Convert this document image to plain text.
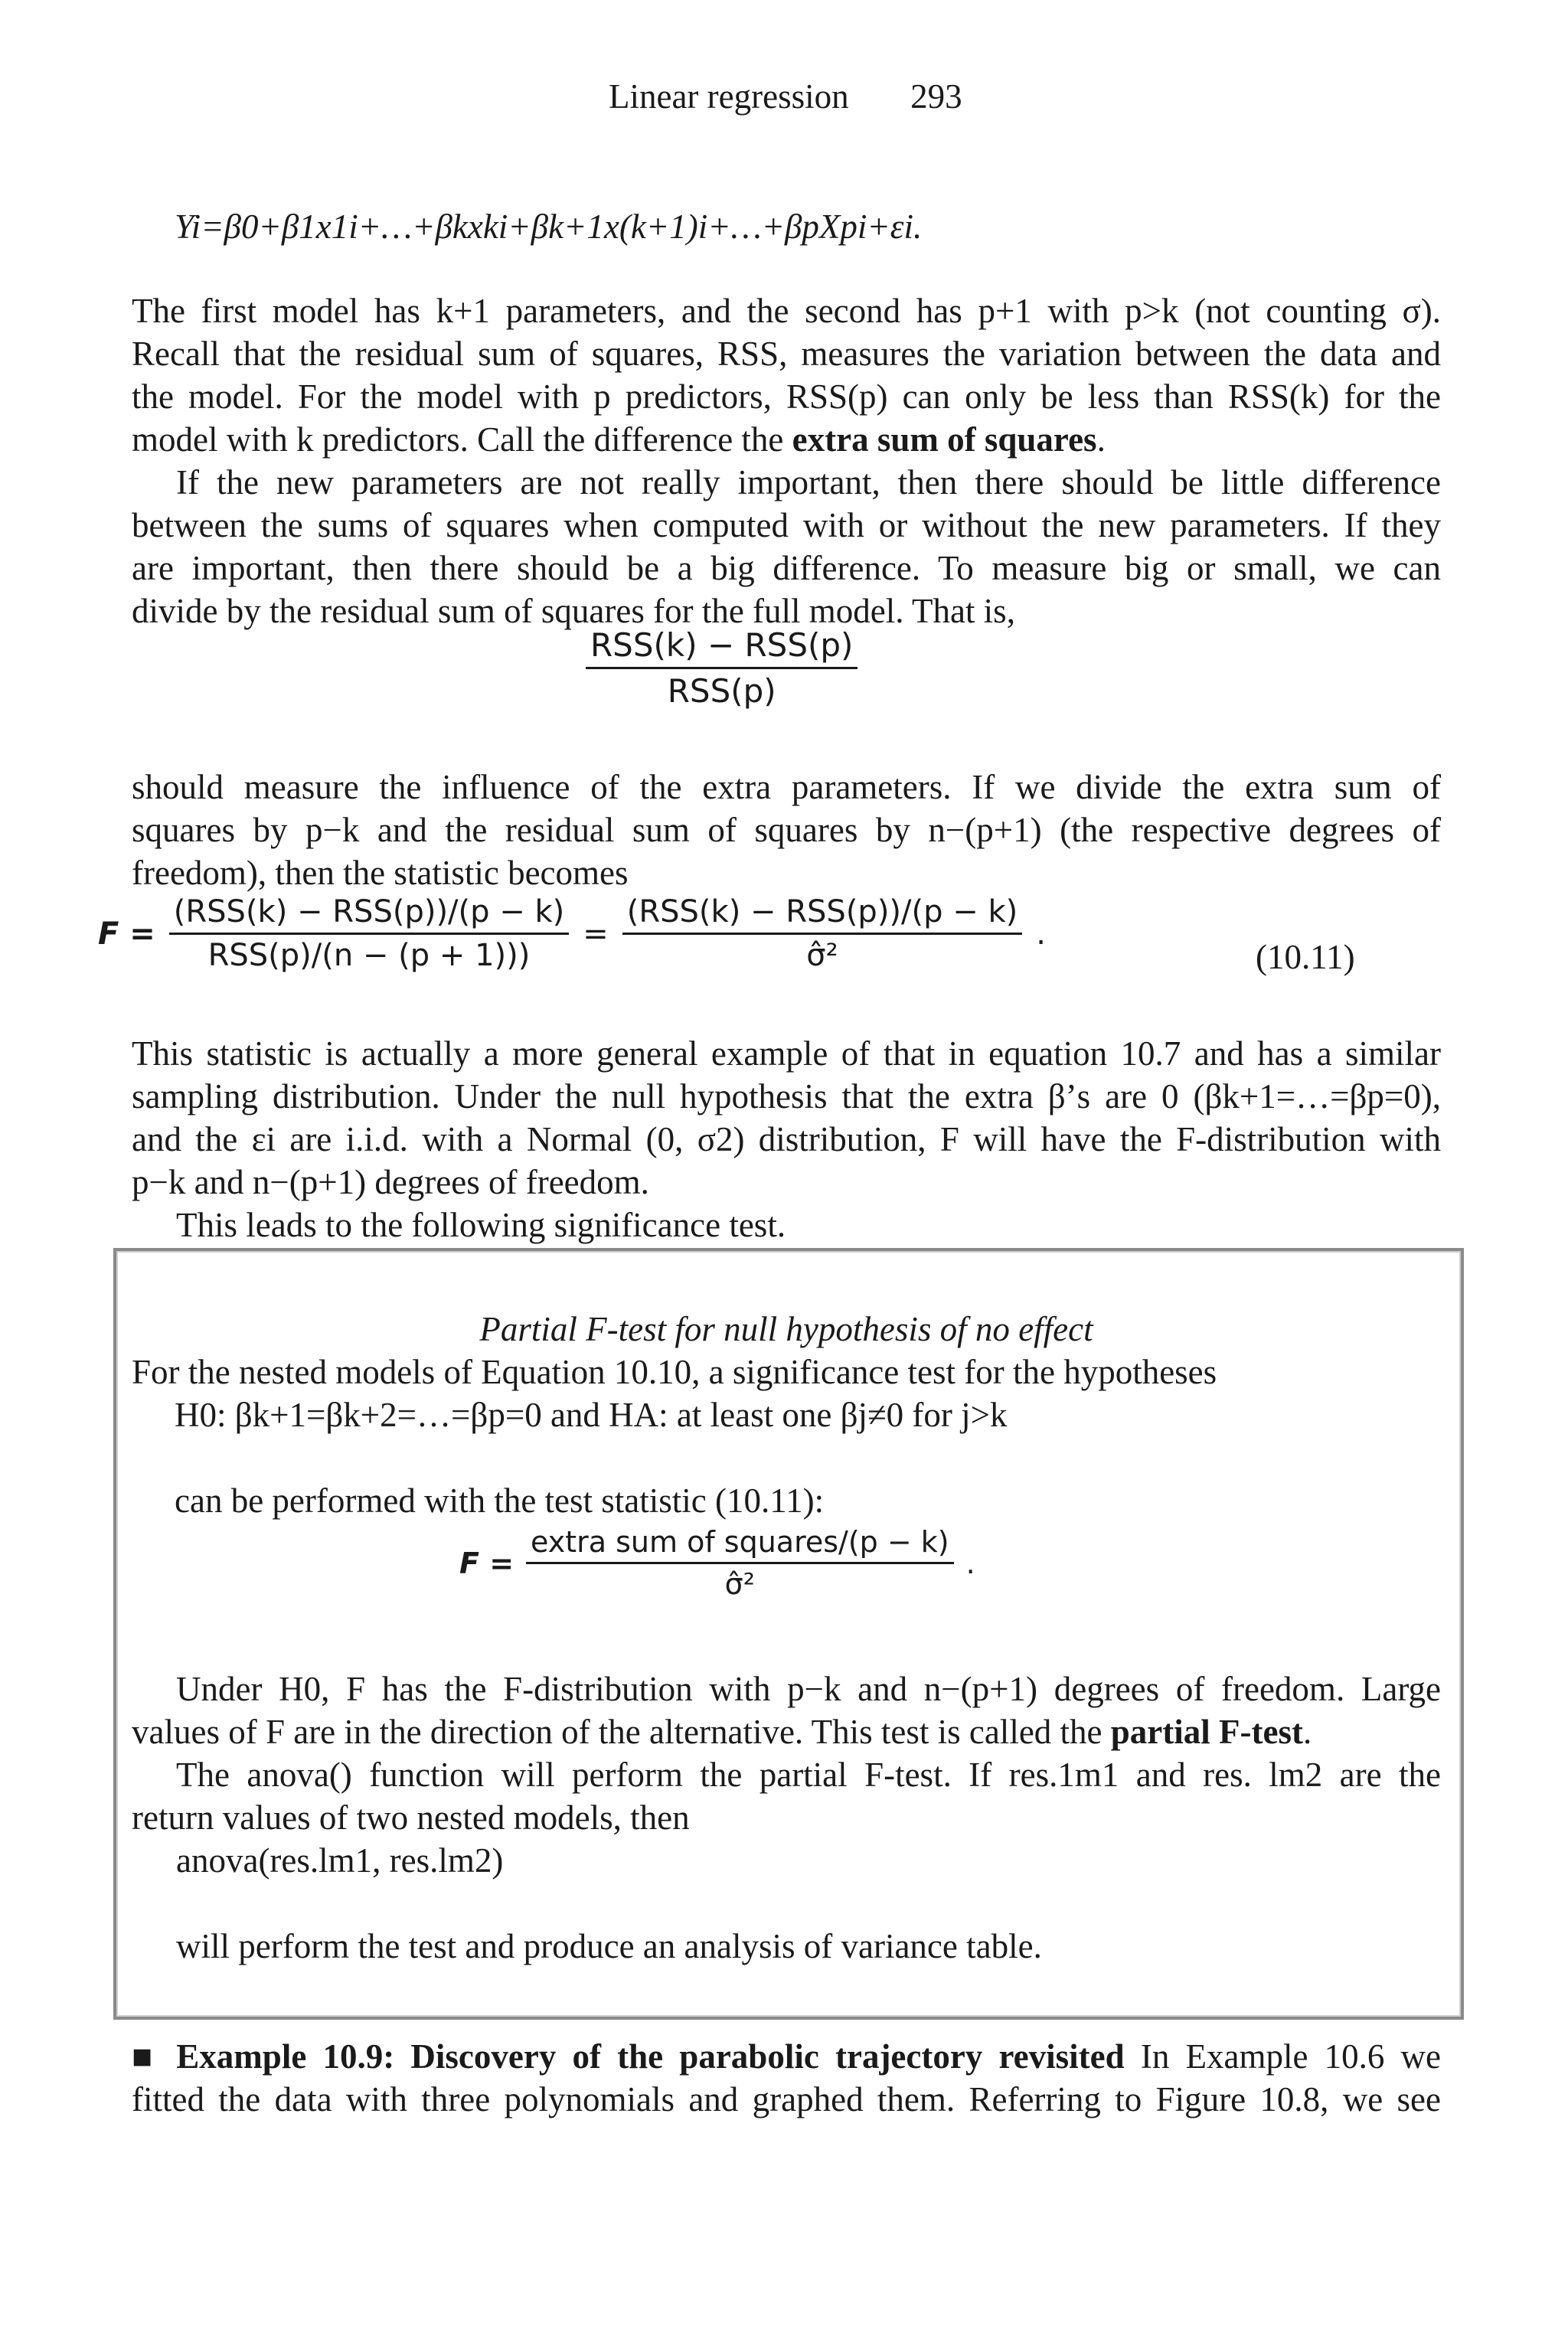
Linear regression 293
Yi=β0+β1x1i+…+βkxki+βk+1x(k+1)i+…+βpXpi+εi.
The first model has k+1 parameters, and the second has p+1 with p>k (not counting σ).
Recall that the residual sum of squares, RSS, measures the variation between the data and
the model. For the model with p predictors, RSS(p) can only be less than RSS(k) for the
model with k predictors. Call the difference the extra sum of squares.
If the new parameters are not really important, then there should be little difference
between the sums of squares when computed with or without the new parameters. If they
are important, then there should be a big difference. To measure big or small, we can
divide by the residual sum of squares for the full model. That is,
$\frac{\text{RSS(k) − RSS(p)}}{\text{RSS(p)}}$
should measure the influence of the extra parameters. If we divide the extra sum of
squares by p−k and the residual sum of squares by n−(p+1) (the respective degrees of
freedom), then the statistic becomes
$F = \frac{\text{(RSS(k) − RSS(p))/(p − k)}}{\text{RSS(p)/(n − (p + 1)))}} = \frac{\text{(RSS(k) − RSS(p))/(p − k)}}{\text{σ̂²}}$ .
(10.11)
This statistic is actually a more general example of that in equation 10.7 and has a similar
sampling distribution. Under the null hypothesis that the extra β’s are 0 (βk+1=…=βp=0),
and the εi are i.i.d. with a Normal (0, σ2) distribution, F will have the F-distribution with
p−k and n−(p+1) degrees of freedom.
This leads to the following significance test.
Partial F-test for null hypothesis of no effect
For the nested models of Equation 10.10, a significance test for the hypotheses
H0: βk+1=βk+2=…=βp=0 and HA: at least one βj≠0 for j>k
can be performed with the test statistic (10.11):
$F = \frac{\text{extra sum of squares/(p − k)}}{\text{σ̂²}}$ .
Under H0, F has the F-distribution with p−k and n−(p+1) degrees of freedom. Large
values of F are in the direction of the alternative. This test is called the partial F-test.
The anova() function will perform the partial F-test. If res.1m1 and res. lm2 are the
return values of two nested models, then
anova(res.lm1, res.lm2)
will perform the test and produce an analysis of variance table.
■ Example 10.9: Discovery of the parabolic trajectory revisited In Example 10.6 we
fitted the data with three polynomials and graphed them. Referring to Figure 10.8, we see
